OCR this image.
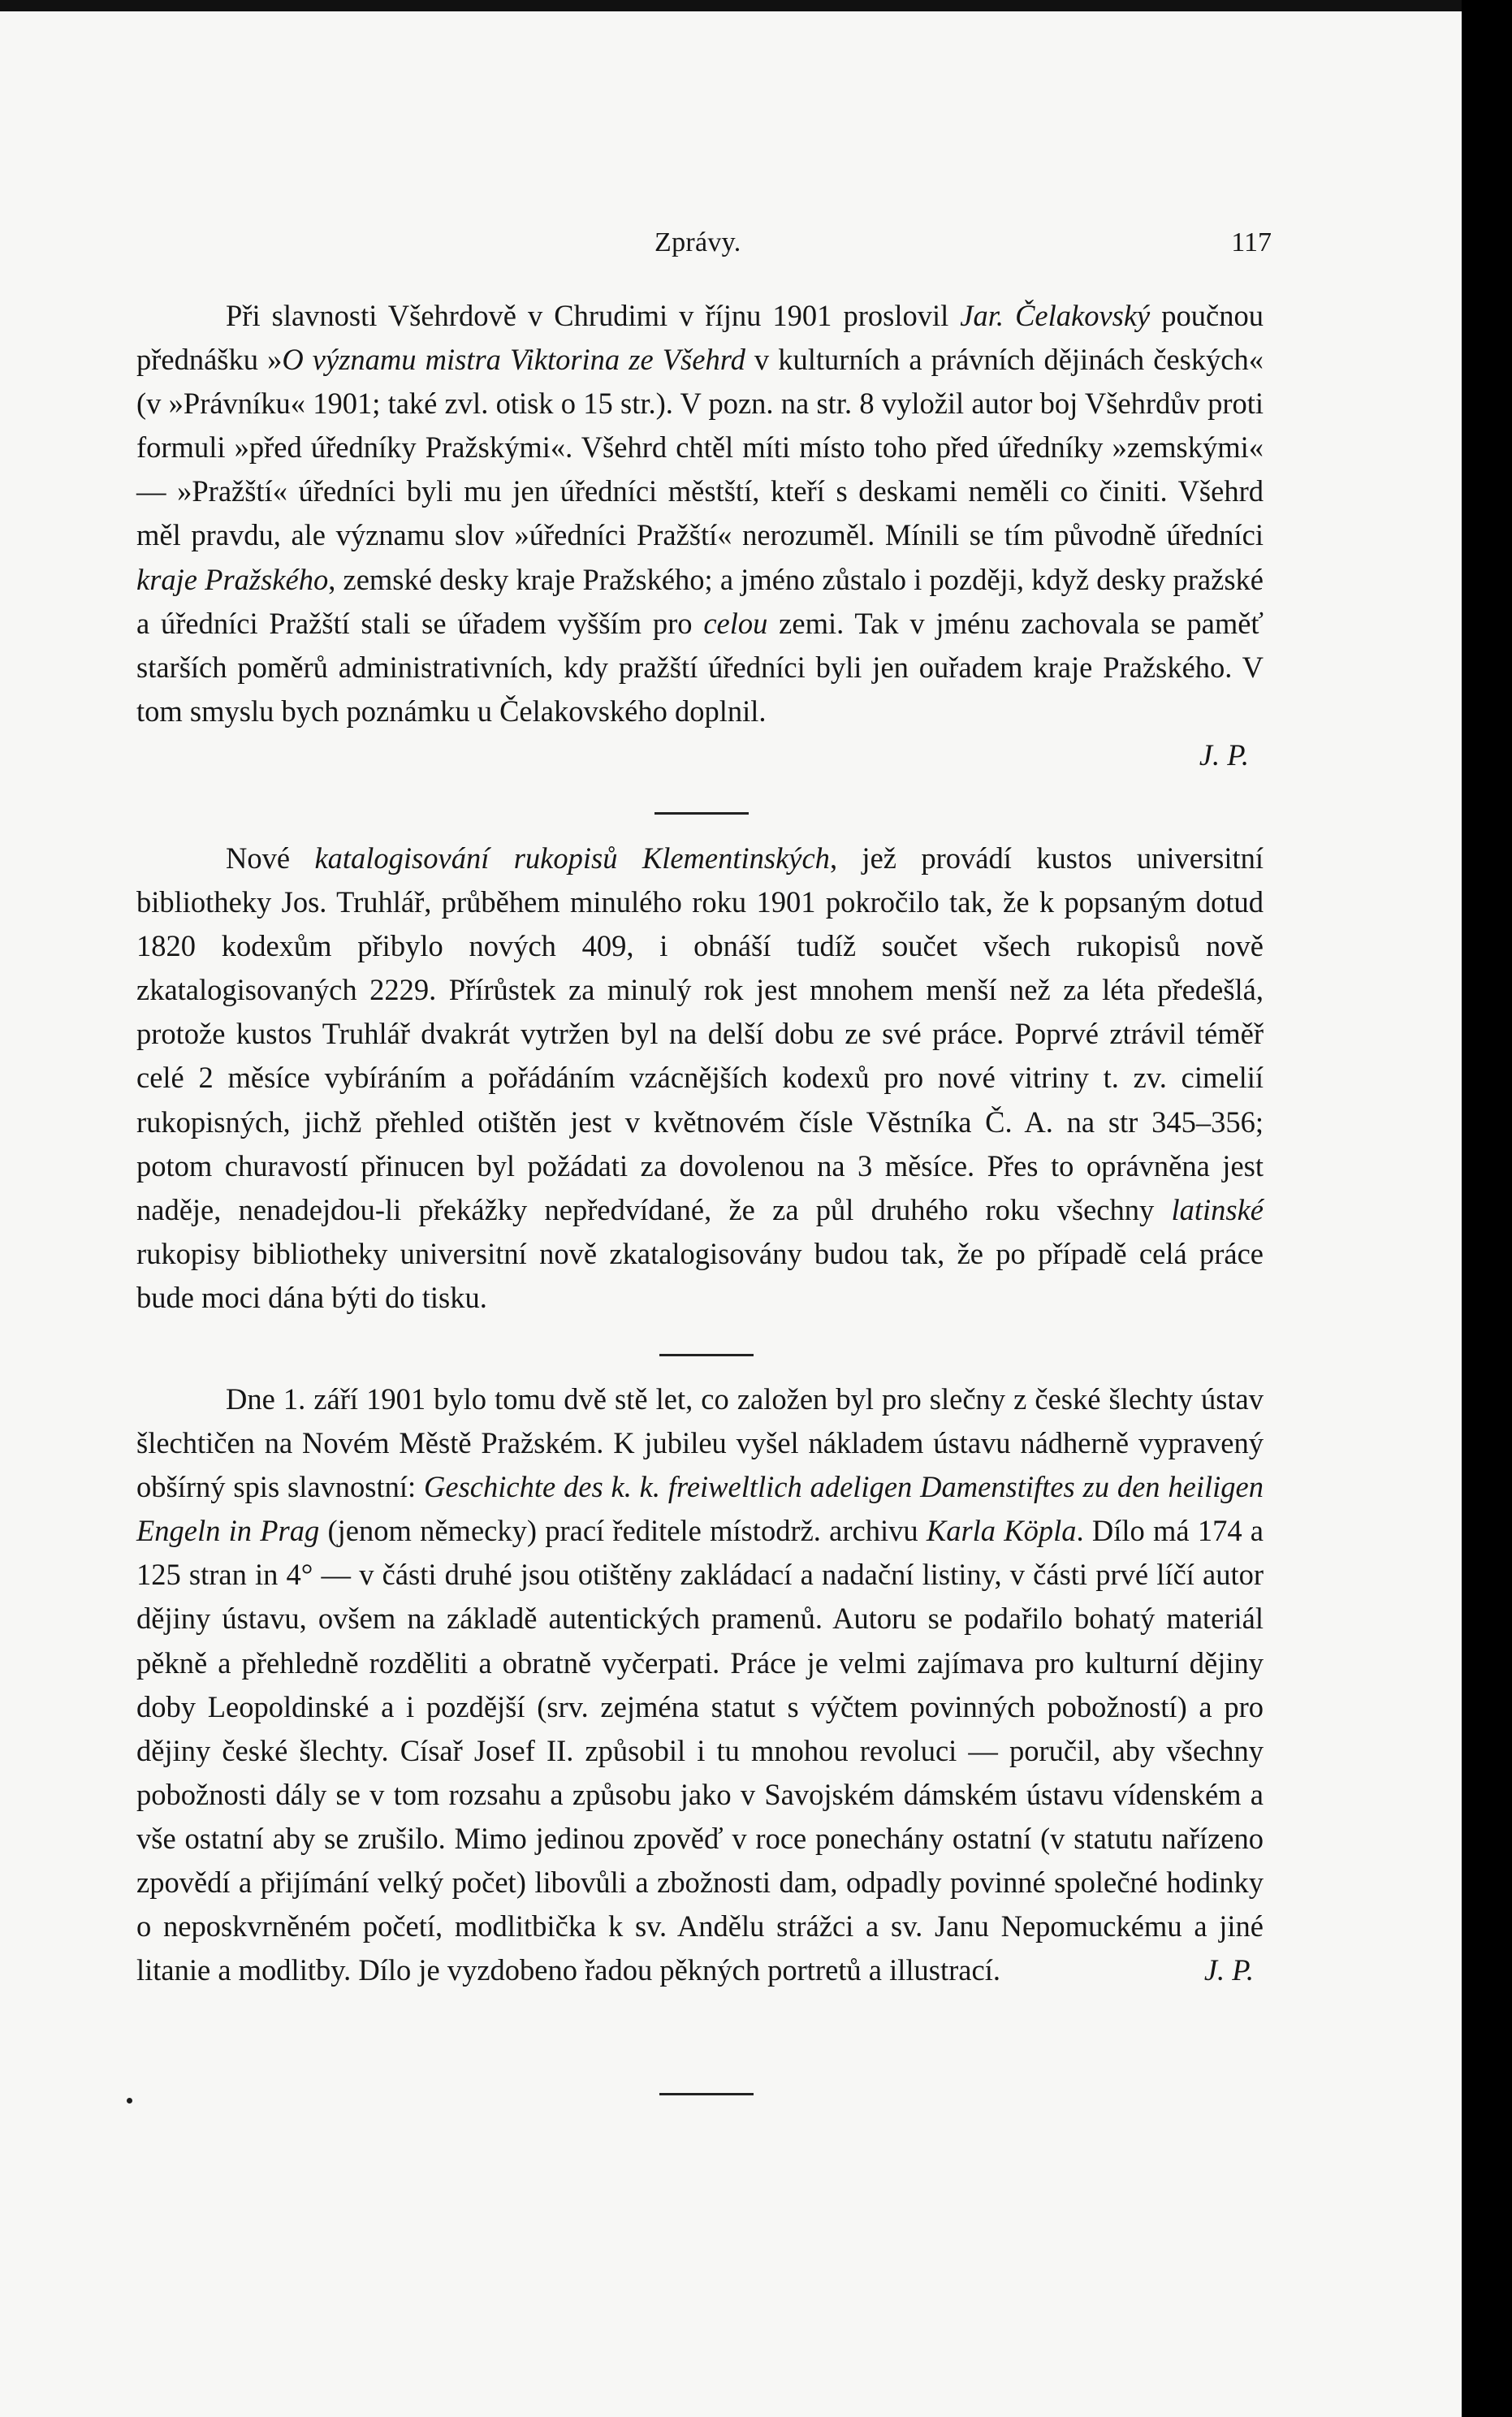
Zprávy.	117

Při slavnosti Všehrdově v Chrudimi v říjnu 1901 proslovil Jar. Čelakovský poučnou přednášku »O významu mistra Viktorina ze Všehrd v kulturních a právních dějinách českých« (v »Právníku« 1901; také zvl. otisk o 15 str.). V pozn. na str. 8 vyložil autor boj Všehrdův proti formuli »před úředníky Pražskými«. Všehrd chtěl míti místo toho před úředníky »zemskými« — »Pražští« úředníci byli mu jen úředníci městští, kteří s deskami neměli co činiti. Všehrd měl pravdu, ale významu slov »úředníci Pražští« nerozuměl. Mínili se tím původně úředníci kraje Pražského, zemské desky kraje Pražského; a jméno zůstalo i později, když desky pražské a úředníci Pražští stali se úřadem vyšším pro celou zemi. Tak v jménu zachovala se paměť starších poměrů administrativních, kdy pražští úředníci byli jen ouřadem kraje Pražského. V tom smyslu bych poznámku u Čelakovského doplnil.

J. P.

Nové katalogisování rukopisů Klementinských, jež provádí kustos universitní bibliotheky Jos. Truhlář, průběhem minulého roku 1901 pokročilo tak, že k popsaným dotud 1820 kodexům přibylo nových 409, i obnáší tudíž součet všech rukopisů nově zkatalogisovaných 2229. Přírůstek za minulý rok jest mnohem menší než za léta předešlá, protože kustos Truhlář dvakrát vytržen byl na delší dobu ze své práce. Poprvé ztrávil téměř celé 2 měsíce vybíráním a pořádáním vzácnějších kodexů pro nové vitriny t. zv. cimelií rukopisných, jichž přehled otištěn jest v květnovém čísle Věstníka Č. A. na str 345–356; potom churavostí přinucen byl požádati za dovolenou na 3 měsíce. Přes to oprávněna jest naděje, nenadejdou-li překážky nepředvídané, že za půl druhého roku všechny latinské rukopisy bibliotheky universitní nově zkatalogisovány budou tak, že po případě celá práce bude moci dána býti do tisku.

Dne 1. září 1901 bylo tomu dvě stě let, co založen byl pro slečny z české šlechty ústav šlechtičen na Novém Městě Pražském. K jubileu vyšel nákladem ústavu nádherně vypravený obšírný spis slavnostní: Geschichte des k. k. freiweltlich adeligen Damenstiftes zu den heiligen Engeln in Prag (jenom německy) prací ředitele místodrž. archivu Karla Köpla. Dílo má 174 a 125 stran in 4° — v části druhé jsou otištěny zakládací a nadační listiny, v části prvé líčí autor dějiny ústavu, ovšem na základě autentických pramenů. Autoru se podařilo bohatý materiál pěkně a přehledně rozděliti a obratně vyčerpati. Práce je velmi zajímava pro kulturní dějiny doby Leopoldinské a i pozdější (srv. zejména statut s výčtem povinných pobožností) a pro dějiny české šlechty. Císař Josef II. způsobil i tu mnohou revoluci — poručil, aby všechny pobožnosti dály se v tom rozsahu a způsobu jako v Savojském dámském ústavu vídenském a vše ostatní aby se zrušilo. Mimo jedinou zpověď v roce ponechány ostatní (v statutu nařízeno zpovědí a přijímání velký počet) libovůli a zbožnosti dam, odpadly povinné společné hodinky o neposkvrněném početí, modlitbička k sv. Andělu strážci a sv. Janu Nepomuckému a jiné litanie a modlitby. Dílo je vyzdobeno řadou pěkných portretů a illustrací.	J. P.
